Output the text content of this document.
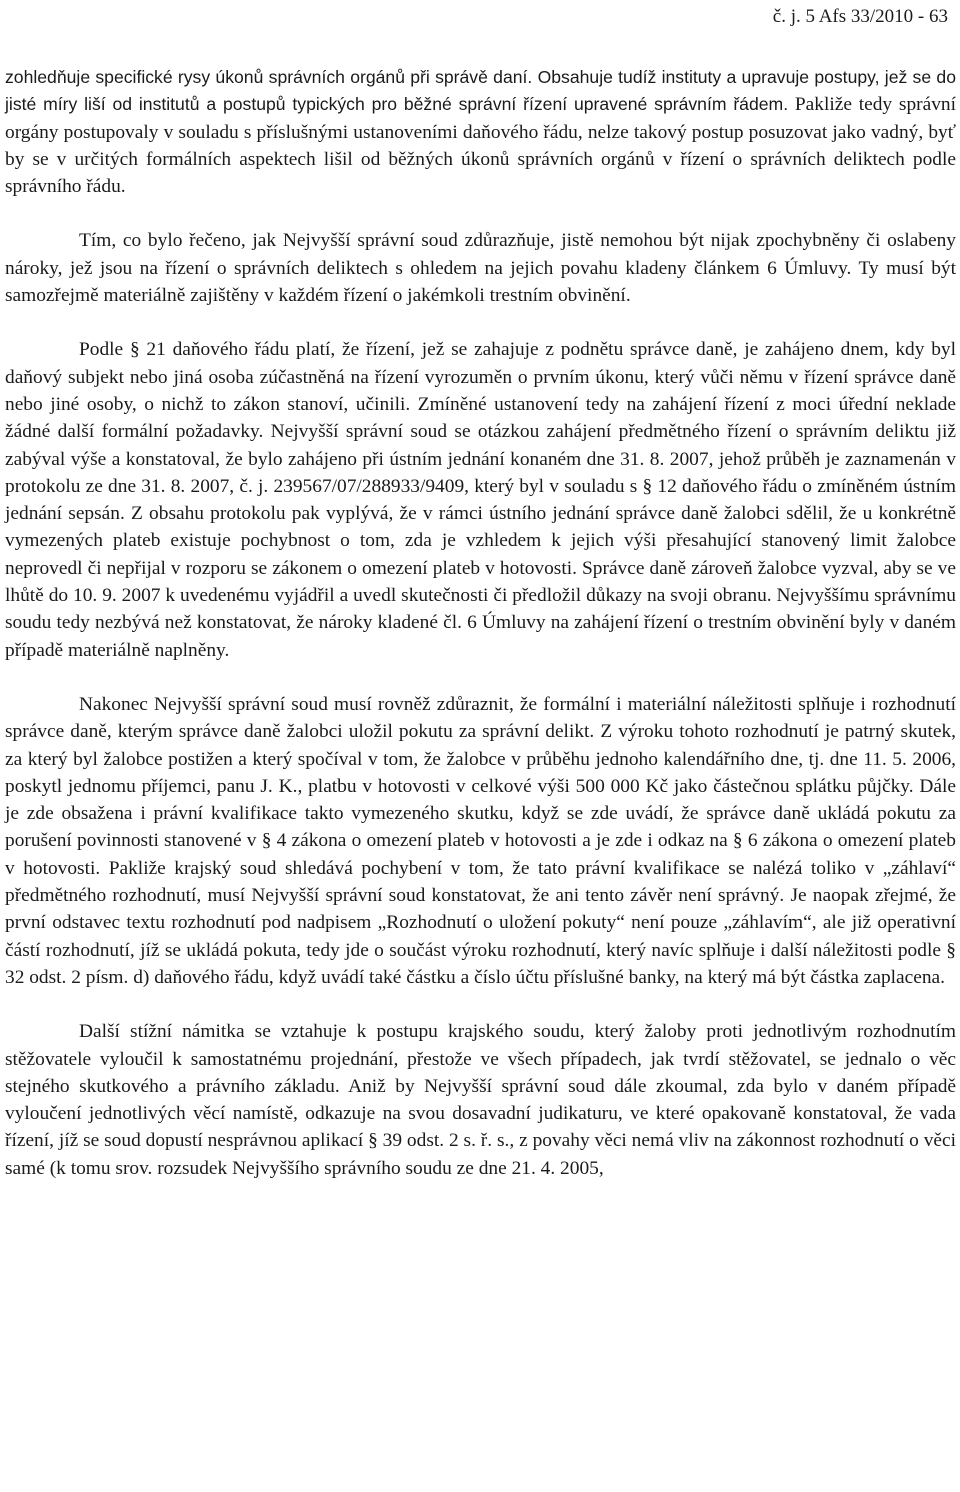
č. j. 5 Afs 33/2010 - 63

zohledňuje specifické rysy úkonů správních orgánů při správě daní. Obsahuje tudíž instituty a upravuje postupy, jež se do jisté míry liší od institutů a postupů typických pro běžné správní řízení upravené správním řádem. Pakliže tedy správní orgány postupovaly v souladu s příslušnými ustanoveními daňového řádu, nelze takový postup posuzovat jako vadný, byť by se v určitých formálních aspektech lišil od běžných úkonů správních orgánů v řízení o správních deliktech podle správního řádu.

Tím, co bylo řečeno, jak Nejvyšší správní soud zdůrazňuje, jistě nemohou být nijak zpochybněny či oslabeny nároky, jež jsou na řízení o správních deliktech s ohledem na jejich povahu kladeny článkem 6 Úmluvy. Ty musí být samozřejmě materiálně zajištěny v každém řízení o jakémkoli trestním obvinění.

Podle § 21 daňového řádu platí, že řízení, jež se zahajuje z podnětu správce daně, je zahájeno dnem, kdy byl daňový subjekt nebo jiná osoba zúčastněná na řízení vyrozuměn o prvním úkonu, který vůči němu v řízení správce daně nebo jiné osoby, o nichž to zákon stanoví, učinili. Zmíněné ustanovení tedy na zahájení řízení z moci úřední neklade žádné další formální požadavky. Nejvyšší správní soud se otázkou zahájení předmětného řízení o správním deliktu již zabýval výše a konstatoval, že bylo zahájeno při ústním jednání konaném dne 31. 8. 2007, jehož průběh je zaznamenán v protokolu ze dne 31. 8. 2007, č. j. 239567/07/288933/9409, který byl v souladu s § 12 daňového řádu o zmíněném ústním jednání sepsán. Z obsahu protokolu pak vyplývá, že v rámci ústního jednání správce daně žalobci sdělil, že u konkrétně vymezených plateb existuje pochybnost o tom, zda je vzhledem k jejich výši přesahující stanovený limit žalobce neprovedl či nepřijal v rozporu se zákonem o omezení plateb v hotovosti. Správce daně zároveň žalobce vyzval, aby se ve lhůtě do 10. 9. 2007 k uvedenému vyjádřil a uvedl skutečnosti či předložil důkazy na svoji obranu. Nejvyššímu správnímu soudu tedy nezbývá než konstatovat, že nároky kladené čl. 6 Úmluvy na zahájení řízení o trestním obvinění byly v daném případě materiálně naplněny.

Nakonec Nejvyšší správní soud musí rovněž zdůraznit, že formální i materiální náležitosti splňuje i rozhodnutí správce daně, kterým správce daně žalobci uložil pokutu za správní delikt. Z výroku tohoto rozhodnutí je patrný skutek, za který byl žalobce postižen a který spočíval v tom, že žalobce v průběhu jednoho kalendářního dne, tj. dne 11. 5. 2006, poskytl jednomu příjemci, panu J. K., platbu v hotovosti v celkové výši 500 000 Kč jako částečnou splátku půjčky. Dále je zde obsažena i právní kvalifikace takto vymezeného skutku, když se zde uvádí, že správce daně ukládá pokutu za porušení povinnosti stanovené v § 4 zákona o omezení plateb v hotovosti a je zde i odkaz na § 6 zákona o omezení plateb v hotovosti. Pakliže krajský soud shledává pochybení v tom, že tato právní kvalifikace se nalézá toliko v „záhlaví“ předmětného rozhodnutí, musí Nejvyšší správní soud konstatovat, že ani tento závěr není správný. Je naopak zřejmé, že první odstavec textu rozhodnutí pod nadpisem „Rozhodnutí o uložení pokuty“ není pouze „záhlavím“, ale již operativní částí rozhodnutí, jíž se ukládá pokuta, tedy jde o součást výroku rozhodnutí, který navíc splňuje i další náležitosti podle § 32 odst. 2 písm. d) daňového řádu, když uvádí také částku a číslo účtu příslušné banky, na který má být částka zaplacena.

Další stížní námitka se vztahuje k postupu krajského soudu, který žaloby proti jednotlivým rozhodnutím stěžovatele vyloučil k samostatnému projednání, přestože ve všech případech, jak tvrdí stěžovatel, se jednalo o věc stejného skutkového a právního základu. Aniž by Nejvyšší správní soud dále zkoumal, zda bylo v daném případě vyloučení jednotlivých věcí namístě, odkazuje na svou dosavadní judikaturu, ve které opakovaně konstatoval, že vada řízení, jíž se soud dopustí nesprávnou aplikací § 39 odst. 2 s. ř. s., z povahy věci nemá vliv na zákonnost rozhodnutí o věci samé (k tomu srov. rozsudek Nejvyššího správního soudu ze dne 21. 4. 2005,
